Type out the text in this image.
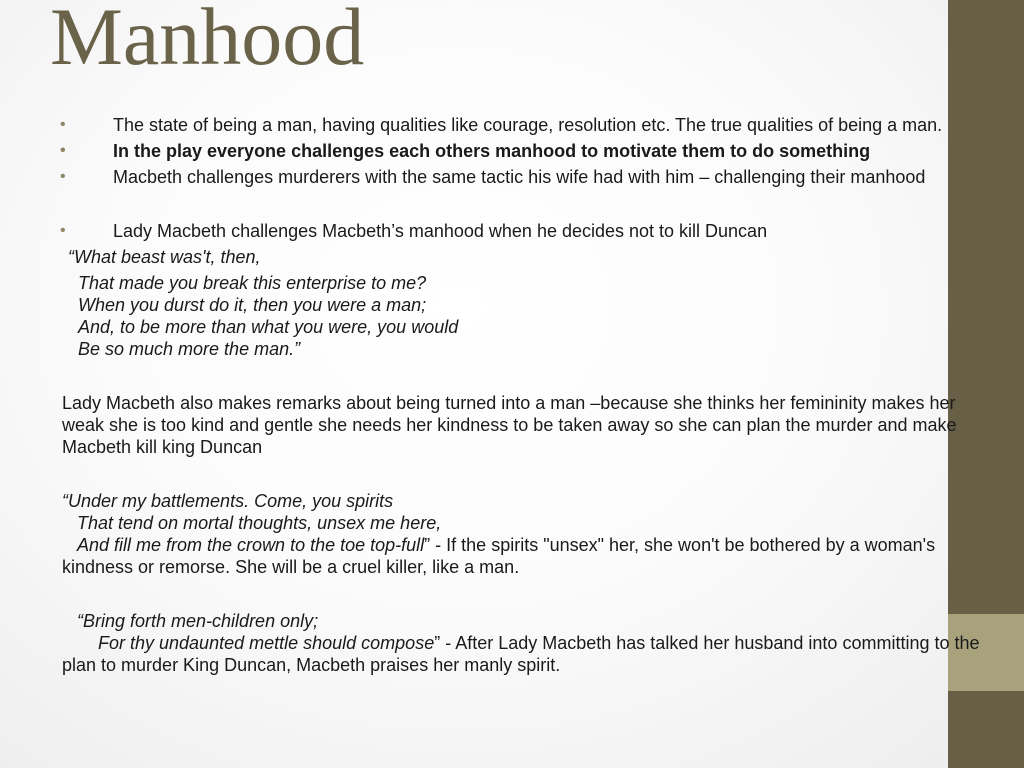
Manhood
•	The state of being a man, having qualities like courage, resolution etc. The true qualities of being a man.
•	In the play everyone challenges each others manhood to motivate them to do something
•	Macbeth challenges murderers with the same tactic his wife had with him – challenging their manhood
•	Lady Macbeth challenges Macbeth’s manhood when he decides not to kill Duncan
“What beast was't, then,
That made you break this enterprise to me?
When you durst do it, then you were a man;
And, to be more than what you were, you would
Be so much more the man.”
Lady Macbeth also makes remarks about being turned into a man –because she thinks her femininity makes her weak she is too kind and gentle she needs her kindness to be taken away so she can plan the murder and make Macbeth kill king Duncan
“Under my battlements. Come, you spirits
That tend on mortal thoughts, unsex me here,
And fill me from the crown to the toe top-full” - If the spirits "unsex" her, she won't be bothered by a woman's kindness or remorse. She will be a cruel killer, like a man.
“Bring forth men-children only;
For thy undaunted mettle should compose” - After Lady Macbeth has talked her husband into committing to the plan to murder King Duncan, Macbeth praises her manly spirit.
